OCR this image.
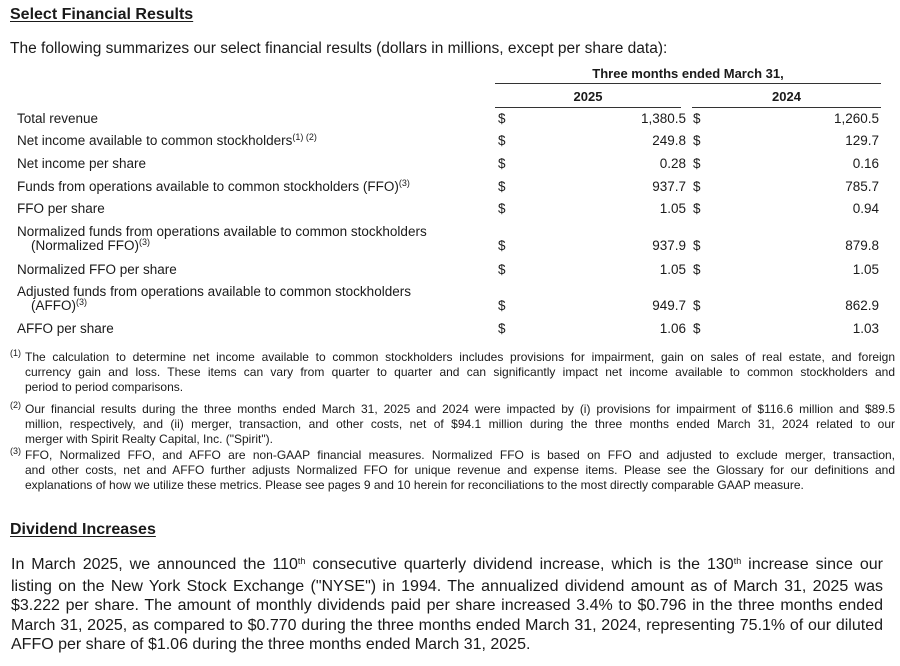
Select Financial Results
The following summarizes our select financial results (dollars in millions, except per share data):
Three months ended March 31,
2025	2024
Total revenue	$	1,380.5 $	1,260.5
Net income available to common stockholders$^{(1) (2)}$	$	249.8 $	129.7
Net income per share	$	0.28 $	0.16
Funds from operations available to common stockholders (FFO)$^{(3)}$	$	937.7 $	785.7
FFO per share	$	1.05 $	0.94
Normalized funds from operations available to common stockholders
(Normalized FFO)$^{(3)}$	$	937.9 $	879.8
Normalized FFO per share	$	1.05 $	1.05
Adjusted funds from operations available to common stockholders
(AFFO)$^{(3)}$	$	949.7 $	862.9
AFFO per share	$	1.06 $	1.03
(1) The calculation to determine net income available to common stockholders includes provisions for impairment, gain on sales of real estate, and foreign
currency gain and loss. These items can vary from quarter to quarter and can significantly impact net income available to common stockholders and
period to period comparisons.
(2) Our financial results during the three months ended March 31, 2025 and 2024 were impacted by (i) provisions for impairment of $116.6 million and $89.5
million, respectively, and (ii) merger, transaction, and other costs, net of $94.1 million during the three months ended March 31, 2024 related to our
merger with Spirit Realty Capital, Inc. ("Spirit").
(3) FFO, Normalized FFO, and AFFO are non-GAAP financial measures. Normalized FFO is based on FFO and adjusted to exclude merger, transaction,
and other costs, net and AFFO further adjusts Normalized FFO for unique revenue and expense items. Please see the Glossary for our definitions and
explanations of how we utilize these metrics. Please see pages 9 and 10 herein for reconciliations to the most directly comparable GAAP measure.
Dividend Increases
In March 2025, we announced the 110th consecutive quarterly dividend increase, which is the 130th increase since our
listing on the New York Stock Exchange ("NYSE") in 1994. The annualized dividend amount as of March 31, 2025 was
$3.222 per share. The amount of monthly dividends paid per share increased 3.4% to $0.796 in the three months ended
March 31, 2025, as compared to $0.770 during the three months ended March 31, 2024, representing 75.1% of our diluted
AFFO per share of $1.06 during the three months ended March 31, 2025.
